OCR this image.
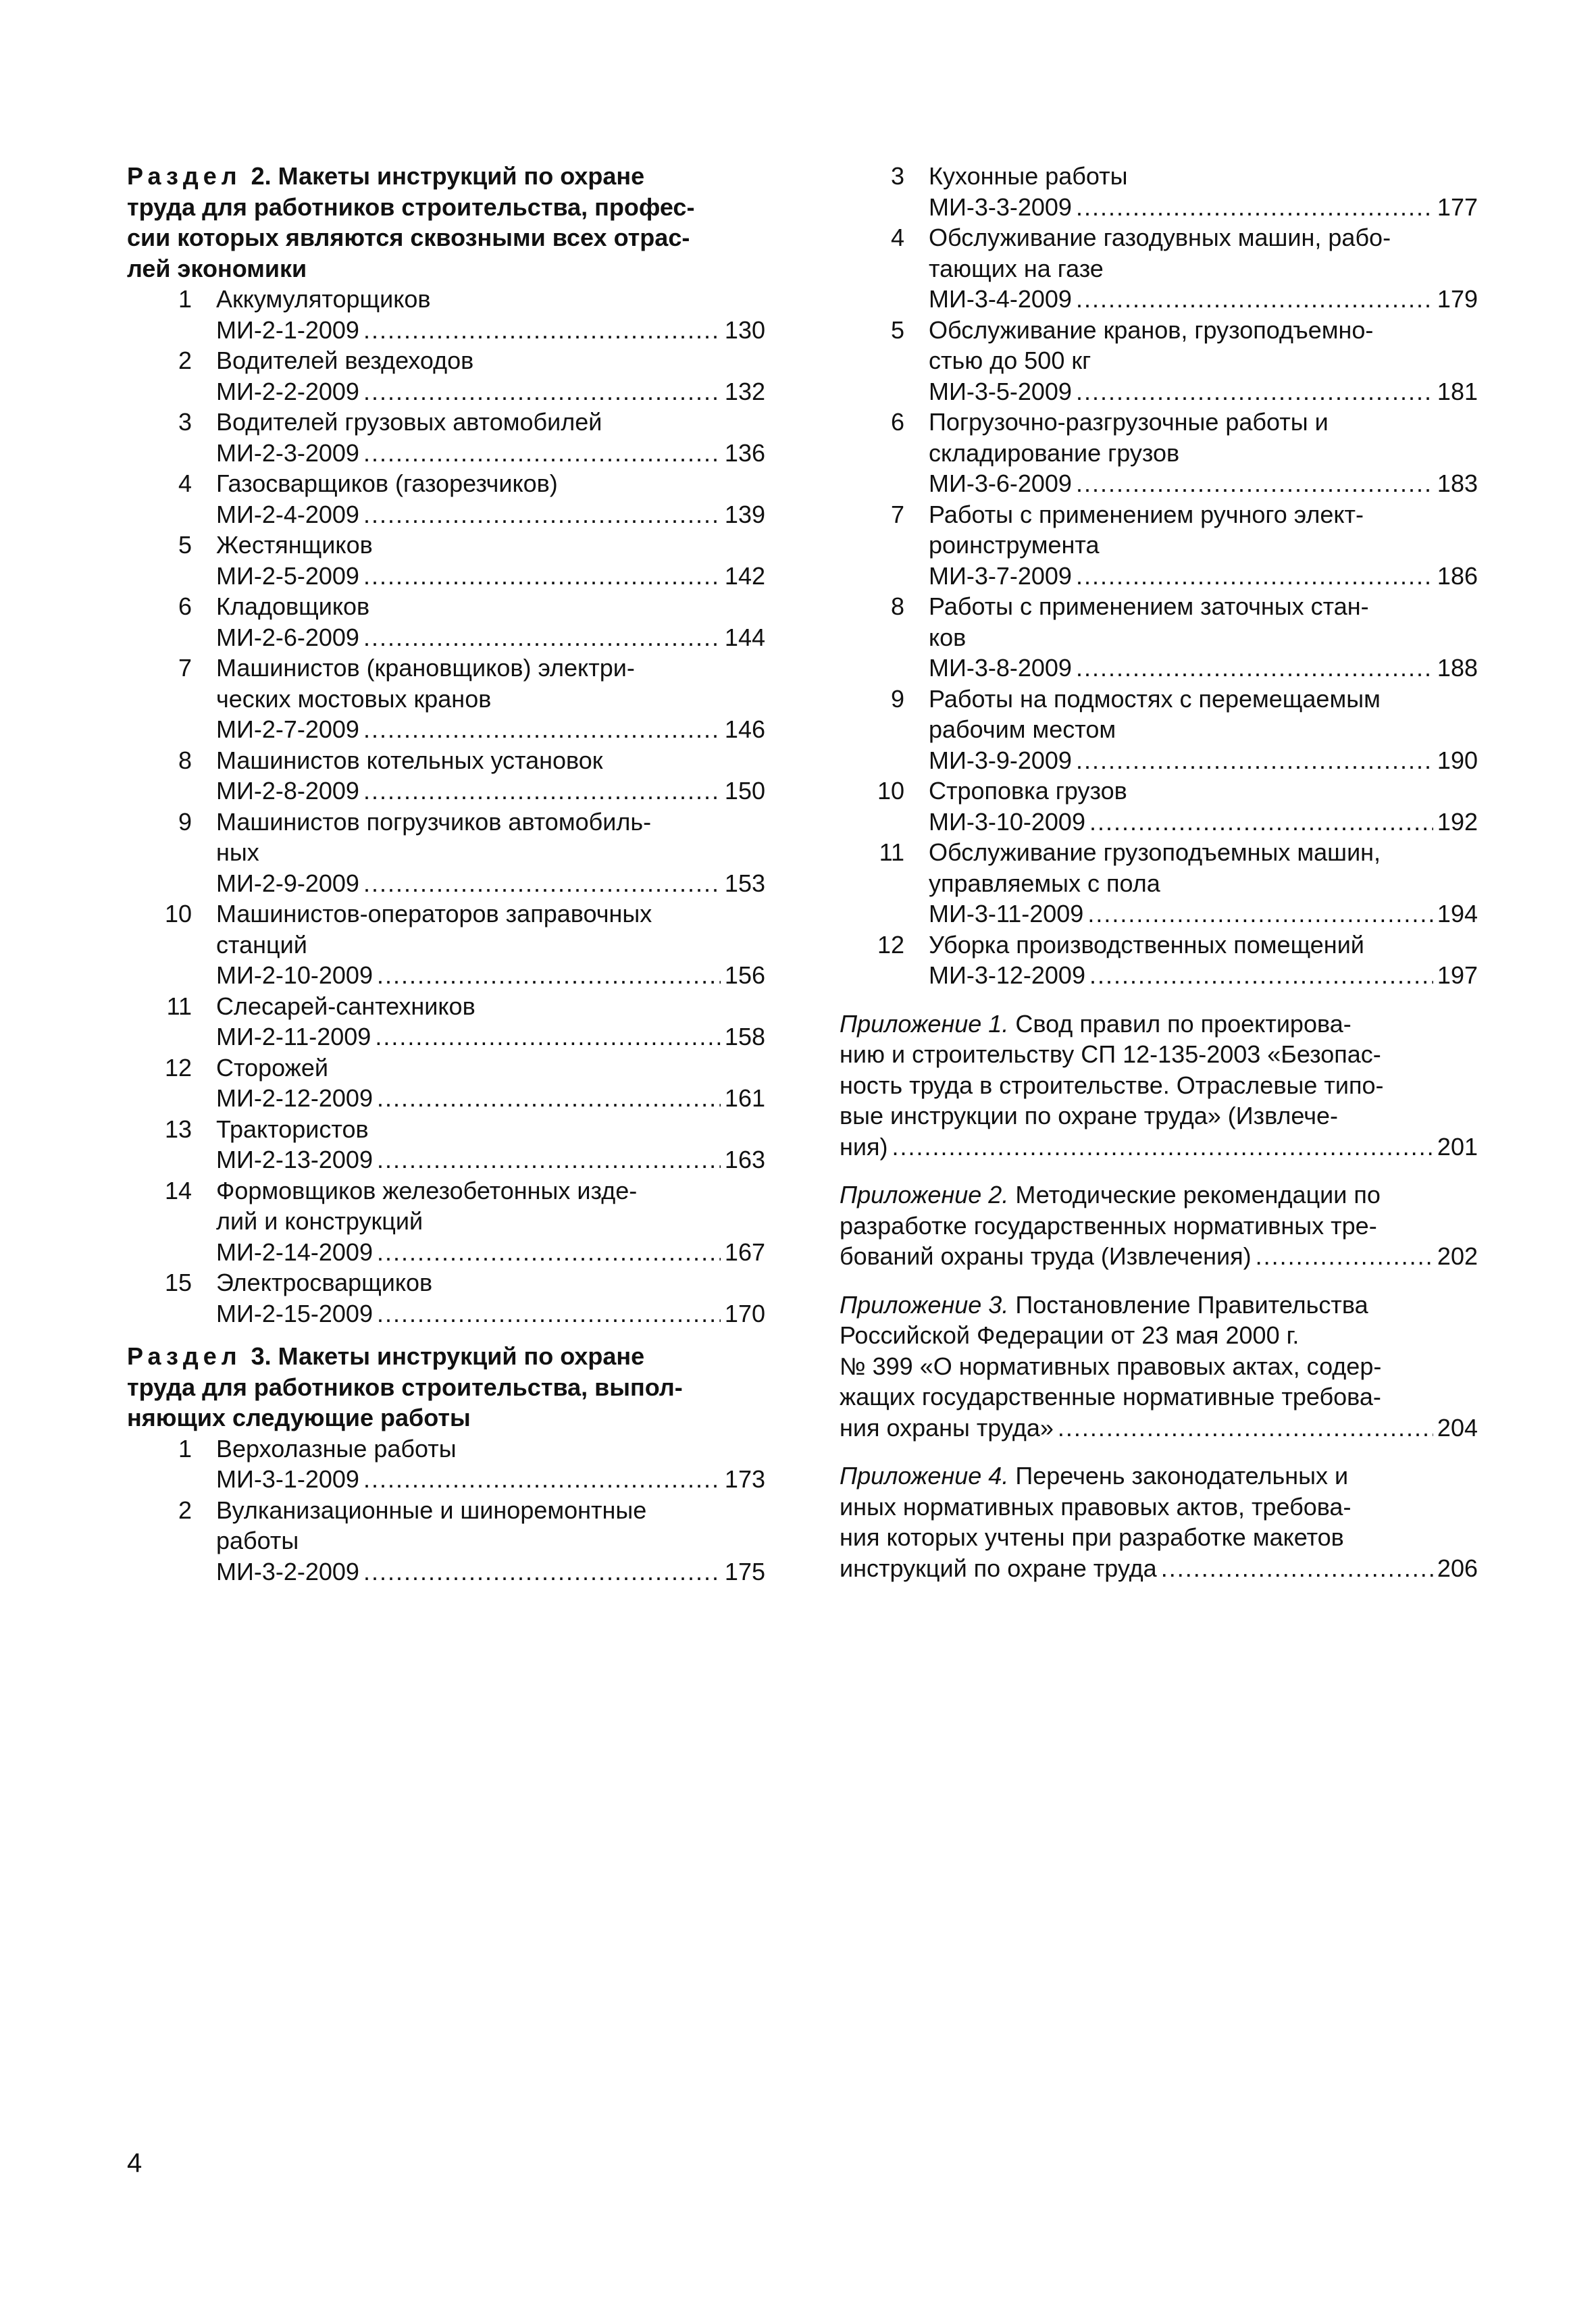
Раздел 2. Макеты инструкций по охране
труда для работников строительства, профес-
сии которых являются сквозными всех отрас-
лей экономики
1	Аккумуляторщиков
МИ-2-1-2009 .....	130
2	Водителей вездеходов
МИ-2-2-2009 .....	132
3	Водителей грузовых автомобилей
МИ-2-3-2009 .....	136
4	Газосварщиков (газорезчиков)
МИ-2-4-2009 .....	139
5	Жестянщиков
МИ-2-5-2009 .....	142
6	Кладовщиков
МИ-2-6-2009 .....	144
7	Машинистов (крановщиков) электри-
ческих мостовых кранов
МИ-2-7-2009 .....	146
8	Машинистов котельных установок
МИ-2-8-2009 .....	150
9	Машинистов погрузчиков автомобиль-
ных
МИ-2-9-2009 .....	153
10	Машинистов-операторов заправочных
станций
МИ-2-10-2009 .....	156
11	Слесарей-сантехников
МИ-2-11-2009 .....	158
12	Сторожей
МИ-2-12-2009 .....	161
13	Трактористов
МИ-2-13-2009 .....	163
14	Формовщиков железобетонных изде-
лий и конструкций
МИ-2-14-2009 .....	167
15	Электросварщиков
МИ-2-15-2009 .....	170
Раздел 3. Макеты инструкций по охране
труда для работников строительства, выпол-
няющих следующие работы
1	Верхолазные работы
МИ-3-1-2009 .....	173
2	Вулканизационные и шиноремонтные
работы
МИ-3-2-2009 .....	175
3	Кухонные работы
МИ-3-3-2009 .....	177
4	Обслуживание газодувных машин, рабо-
тающих на газе
МИ-3-4-2009 .....	179
5	Обслуживание кранов, грузоподъемно-
стью до 500 кг
МИ-3-5-2009 .....	181
6	Погрузочно-разгрузочные работы и
складирование грузов
МИ-3-6-2009 .....	183
7	Работы с применением ручного элект-
роинструмента
МИ-3-7-2009 .....	186
8	Работы с применением заточных стан-
ков
МИ-3-8-2009 .....	188
9	Работы на подмостях с перемещаемым
рабочим местом
МИ-3-9-2009 .....	190
10	Строповка грузов
МИ-3-10-2009 .....	192
11	Обслуживание грузоподъемных машин,
управляемых с пола
МИ-3-11-2009 .....	194
12	Уборка производственных помещений
МИ-3-12-2009 .....	197
Приложение 1. Свод правил по проектирова-
нию и строительству СП 12-135-2003 «Безопас-
ность труда в строительстве. Отраслевые типо-
вые инструкции по охране труда» (Извлече-
ния) .....	201
Приложение 2. Методические рекомендации по
разработке государственных нормативных тре-
бований охраны труда (Извлечения) .....	202
Приложение 3. Постановление Правительства
Российской Федерации от 23 мая 2000 г.
№ 399 «О нормативных правовых актах, содер-
жащих государственные нормативные требова-
ния охраны труда» .....	204
Приложение 4. Перечень законодательных и
иных нормативных правовых актов, требова-
ния которых учтены при разработке макетов
инструкций по охране труда .....	206
4
